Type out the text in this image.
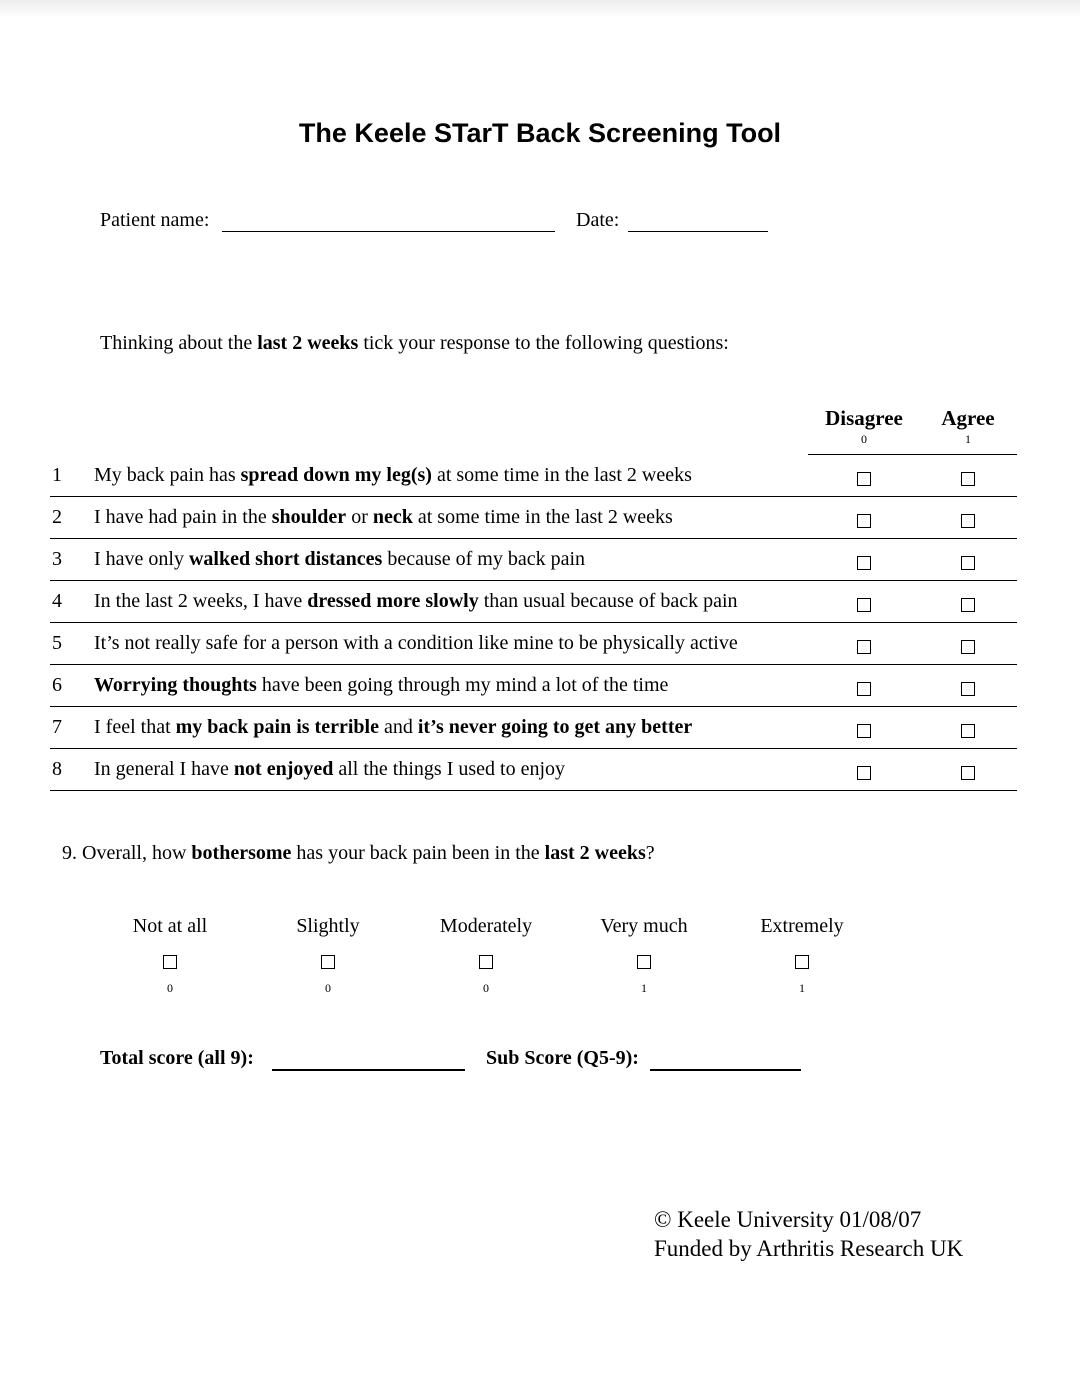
The Keele STarT Back Screening Tool
Patient name:	Date:
Thinking about the last 2 weeks tick your response to the following questions:
Disagree
0
Agree
1
1	My back pain has spread down my leg(s) at some time in the last 2 weeks
2	I have had pain in the shoulder or neck at some time in the last 2 weeks
3	I have only walked short distances because of my back pain
4	In the last 2 weeks, I have dressed more slowly than usual because of back pain
5	It’s not really safe for a person with a condition like mine to be physically active
6	Worrying thoughts have been going through my mind a lot of the time
7	I feel that my back pain is terrible and it’s never going to get any better
8	In general I have not enjoyed all the things I used to enjoy
9. Overall, how bothersome has your back pain been in the last 2 weeks?
Not at all
0
Slightly
0
Moderately
0
Very much
1
Extremely
1
Total score (all 9):	Sub Score (Q5-9):
© Keele University 01/08/07
Funded by Arthritis Research UK
